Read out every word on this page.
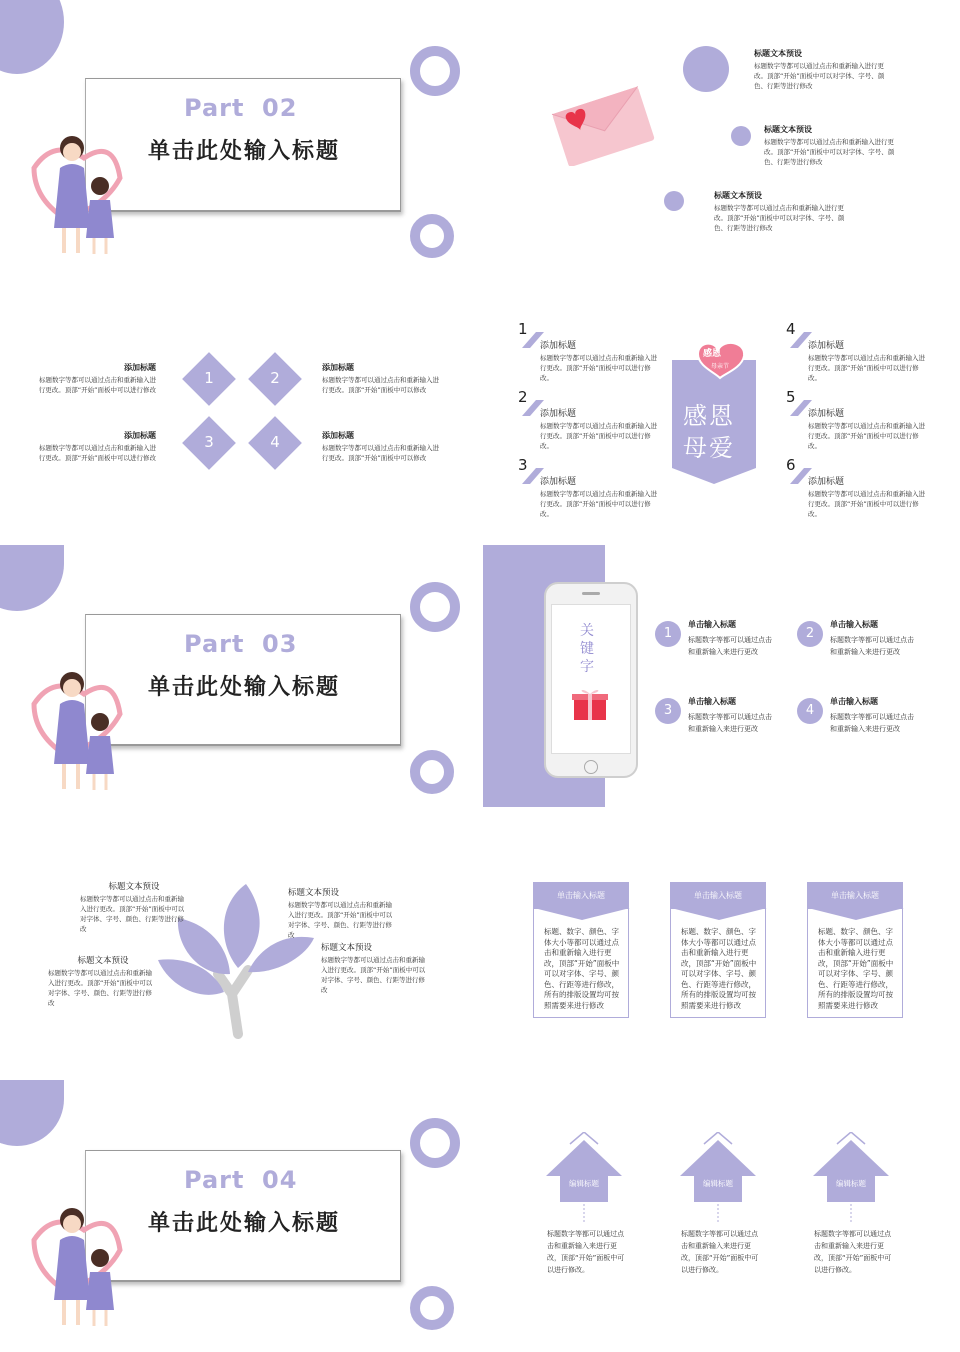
Part 02
单击此处输入标题
标题文本预设
标题数字等都可以通过点击和重新输入进行更改。顶部“开始”面板中可以对字体、字号、颜色、行距等进行修改
标题文本预设
标题数字等都可以通过点击和重新输入进行更改。顶部“开始”面板中可以对字体、字号、颜色、行距等进行修改
标题文本预设
标题数字等都可以通过点击和重新输入进行更改。顶部“开始”面板中可以对字体、字号、颜色、行距等进行修改
添加标题
标题数字等都可以通过点击和重新输入进行更改。顶部“开始”面板中可以进行修改
添加标题
标题数字等都可以通过点击和重新输入进行更改。顶部“开始”面板中可以进行修改
添加标题
标题数字等都可以通过点击和重新输入进行更改。顶部“开始”面板中可以修改
添加标题
标题数字等都可以通过点击和重新输入进行更改。顶部“开始”面板中可以修改
1	2
3	4
感恩
母亲节
感恩
母爱
1
添加标题
标题数字等都可以通过点击和重新输入进行更改。顶部“开始”面板中可以进行修改。
2
添加标题
标题数字等都可以通过点击和重新输入进行更改。顶部“开始”面板中可以进行修改。
3
添加标题
标题数字等都可以通过点击和重新输入进行更改。顶部“开始”面板中可以进行修改。
4
添加标题
标题数字等都可以通过点击和重新输入进行更改。顶部“开始”面板中可以进行修改。
5
添加标题
标题数字等都可以通过点击和重新输入进行更改。顶部“开始”面板中可以进行修改。
6
添加标题
标题数字等都可以通过点击和重新输入进行更改。顶部“开始”面板中可以进行修改。
Part 03
单击此处输入标题
关键字
1
单击输入标题
标题数字等都可以通过点击和重新输入来进行更改
2
单击输入标题
标题数字等都可以通过点击和重新输入来进行更改
3
单击输入标题
标题数字等都可以通过点击和重新输入来进行更改
4
单击输入标题
标题数字等都可以通过点击和重新输入来进行更改
标题文本预设
标题数字等都可以通过点击和重新输入进行更改。顶部“开始”面板中可以对字体、字号、颜色、行距等进行修改
标题文本预设
标题数字等都可以通过点击和重新输入进行更改。顶部“开始”面板中可以对字体、字号、颜色、行距等进行修改
标题文本预设
标题数字等都可以通过点击和重新输入进行更改。顶部“开始”面板中可以对字体、字号、颜色、行距等进行修改
标题文本预设
标题数字等都可以通过点击和重新输入进行更改。顶部“开始”面板中可以对字体、字号、颜色、行距等进行修改
单击输入标题
标题、数字、颜色、字体大小等都可以通过点击和重新输入进行更改，顶部“开始”面板中可以对字体、字号、颜色、行距等进行修改，所有的排版设置均可按照需要来进行修改
单击输入标题
标题、数字、颜色、字体大小等都可以通过点击和重新输入进行更改，顶部“开始”面板中可以对字体、字号、颜色、行距等进行修改，所有的排版设置均可按照需要来进行修改
单击输入标题
标题、数字、颜色、字体大小等都可以通过点击和重新输入进行更改，顶部“开始”面板中可以对字体、字号、颜色、行距等进行修改，所有的排版设置均可按照需要来进行修改
Part 04
单击此处输入标题
编辑标题
标题数字等都可以通过点击和重新输入来进行更改，顶部“开始”面板中可以进行修改。
编辑标题
标题数字等都可以通过点击和重新输入来进行更改，顶部“开始”面板中可以进行修改。
编辑标题
标题数字等都可以通过点击和重新输入来进行更改，顶部“开始”面板中可以进行修改。
